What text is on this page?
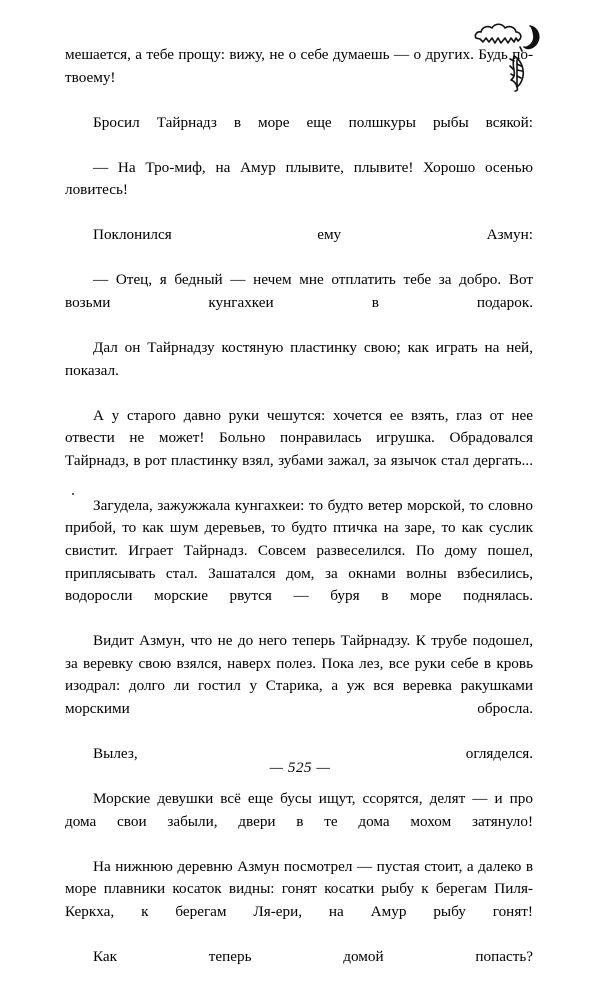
мешается, а тебе прощу: вижу, не о себе думаешь — о других. Будь по-твоему!

Бросил Тайрнадз в море еще полшкуры рыбы всякой:

— На Тро-миф, на Амур плывите, плывите! Хорошо осенью ловитесь!

Поклонился ему Азмун:

— Отец, я бедный — нечем мне отплатить тебе за добро. Вот возьми кунгахкеи в подарок.

Дал он Тайрнадзу костяную пластинку свою; как играть на ней, показал.

А у старого давно руки чешутся: хочется ее взять, глаз от нее отвести не может! Больно понравилась игрушка. Обрадовался Тайрнадз, в рот пластинку взял, зубами зажал, за язычок стал дергать...

Загудела, зажужжала кунгахкеи: то будто ветер морской, то словно прибой, то как шум деревьев, то будто птичка на заре, то как суслик свистит. Играет Тайрнадз. Совсем развеселился. По дому пошел, приплясывать стал. Зашатался дом, за окнами волны взбесились, водоросли морские рвутся — буря в море поднялась.

Видит Азмун, что не до него теперь Тайрнадзу. К трубе подошел, за веревку свою взялся, наверх полез. Пока лез, все руки себе в кровь изодрал: долго ли гостил у Старика, а уж вся веревка ракушками морскими обросла.

Вылез, огляделся.

Морские девушки всё еще бусы ищут, ссорятся, делят — и про дома свои забыли, двери в те дома мохом затянуло!

На нижнюю деревню Азмун посмотрел — пустая стоит, а далеко в море плавники косаток видны: гонят косатки рыбу к берегам Пиля-Керкха, к берегам Ля-ери, на Амур рыбу гонят!

Как теперь домой попасть?

— 525 —
